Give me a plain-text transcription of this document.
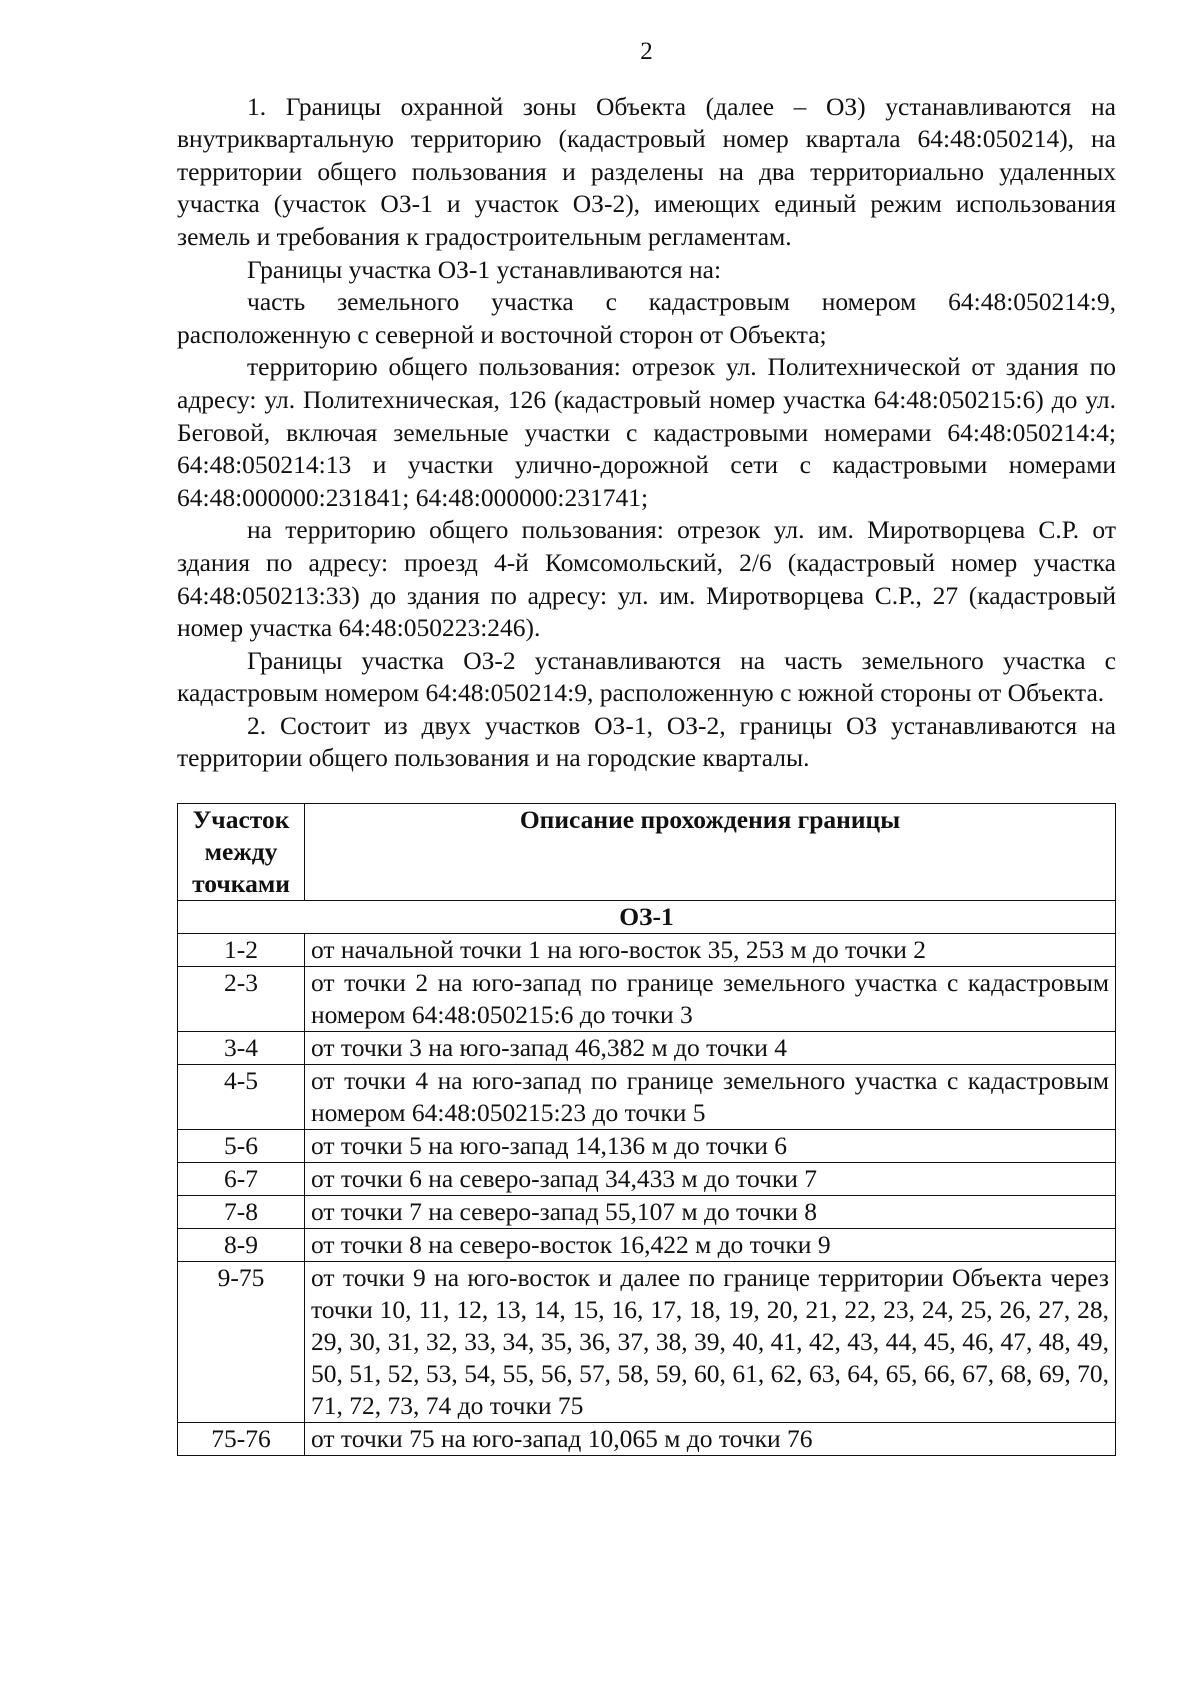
2

1. Границы охранной зоны Объекта (далее – ОЗ) устанавливаются на внутриквартальную территорию (кадастровый номер квартала 64:48:050214), на территории общего пользования и разделены на два территориально удаленных участка (участок ОЗ-1 и участок ОЗ-2), имеющих единый режим использования земель и требования к градостроительным регламентам.

Границы участка ОЗ-1 устанавливаются на:

часть земельного участка с кадастровым номером 64:48:050214:9, расположенную с северной и восточной сторон от Объекта;

территорию общего пользования: отрезок ул. Политехнической от здания по адресу: ул. Политехническая, 126 (кадастровый номер участка 64:48:050215:6) до ул. Беговой, включая земельные участки с кадастровыми номерами 64:48:050214:4; 64:48:050214:13 и участки улично-дорожной сети с кадастровыми номерами 64:48:000000:231841; 64:48:000000:231741;

на территорию общего пользования: отрезок ул. им. Миротворцева С.Р. от здания по адресу: проезд 4-й Комсомольский, 2/6 (кадастровый номер участка 64:48:050213:33) до здания по адресу: ул. им. Миротворцева С.Р., 27 (кадастровый номер участка 64:48:050223:246).

Границы участка ОЗ-2 устанавливаются на часть земельного участка с кадастровым номером 64:48:050214:9, расположенную с южной стороны от Объекта.

2. Состоит из двух участков ОЗ-1, ОЗ-2, границы ОЗ устанавливаются на территории общего пользования и на городские кварталы.

Участок между точками	Описание прохождения границы
ОЗ-1	
1-2	от начальной точки 1 на юго-восток 35, 253 м до точки 2
2-3	от точки 2 на юго-запад по границе земельного участка с кадастровым номером 64:48:050215:6 до точки 3
3-4	от точки 3 на юго-запад 46,382 м до точки 4
4-5	от точки 4 на юго-запад по границе земельного участка с кадастровым номером 64:48:050215:23 до точки 5
5-6	от точки 5 на юго-запад 14,136 м до точки 6
6-7	от точки 6 на северо-запад 34,433 м до точки 7
7-8	от точки 7 на северо-запад 55,107 м до точки 8
8-9	от точки 8 на северо-восток 16,422 м до точки 9
9-75	от точки 9 на юго-восток и далее по границе территории Объекта через точки 10, 11, 12, 13, 14, 15, 16, 17, 18, 19, 20, 21, 22, 23, 24, 25, 26, 27, 28, 29, 30, 31, 32, 33, 34, 35, 36, 37, 38, 39, 40, 41, 42, 43, 44, 45, 46, 47, 48, 49, 50, 51, 52, 53, 54, 55, 56, 57, 58, 59, 60, 61, 62, 63, 64, 65, 66, 67, 68, 69, 70, 71, 72, 73, 74 до точки 75
75-76	от точки 75 на юго-запад 10,065 м до точки 76
